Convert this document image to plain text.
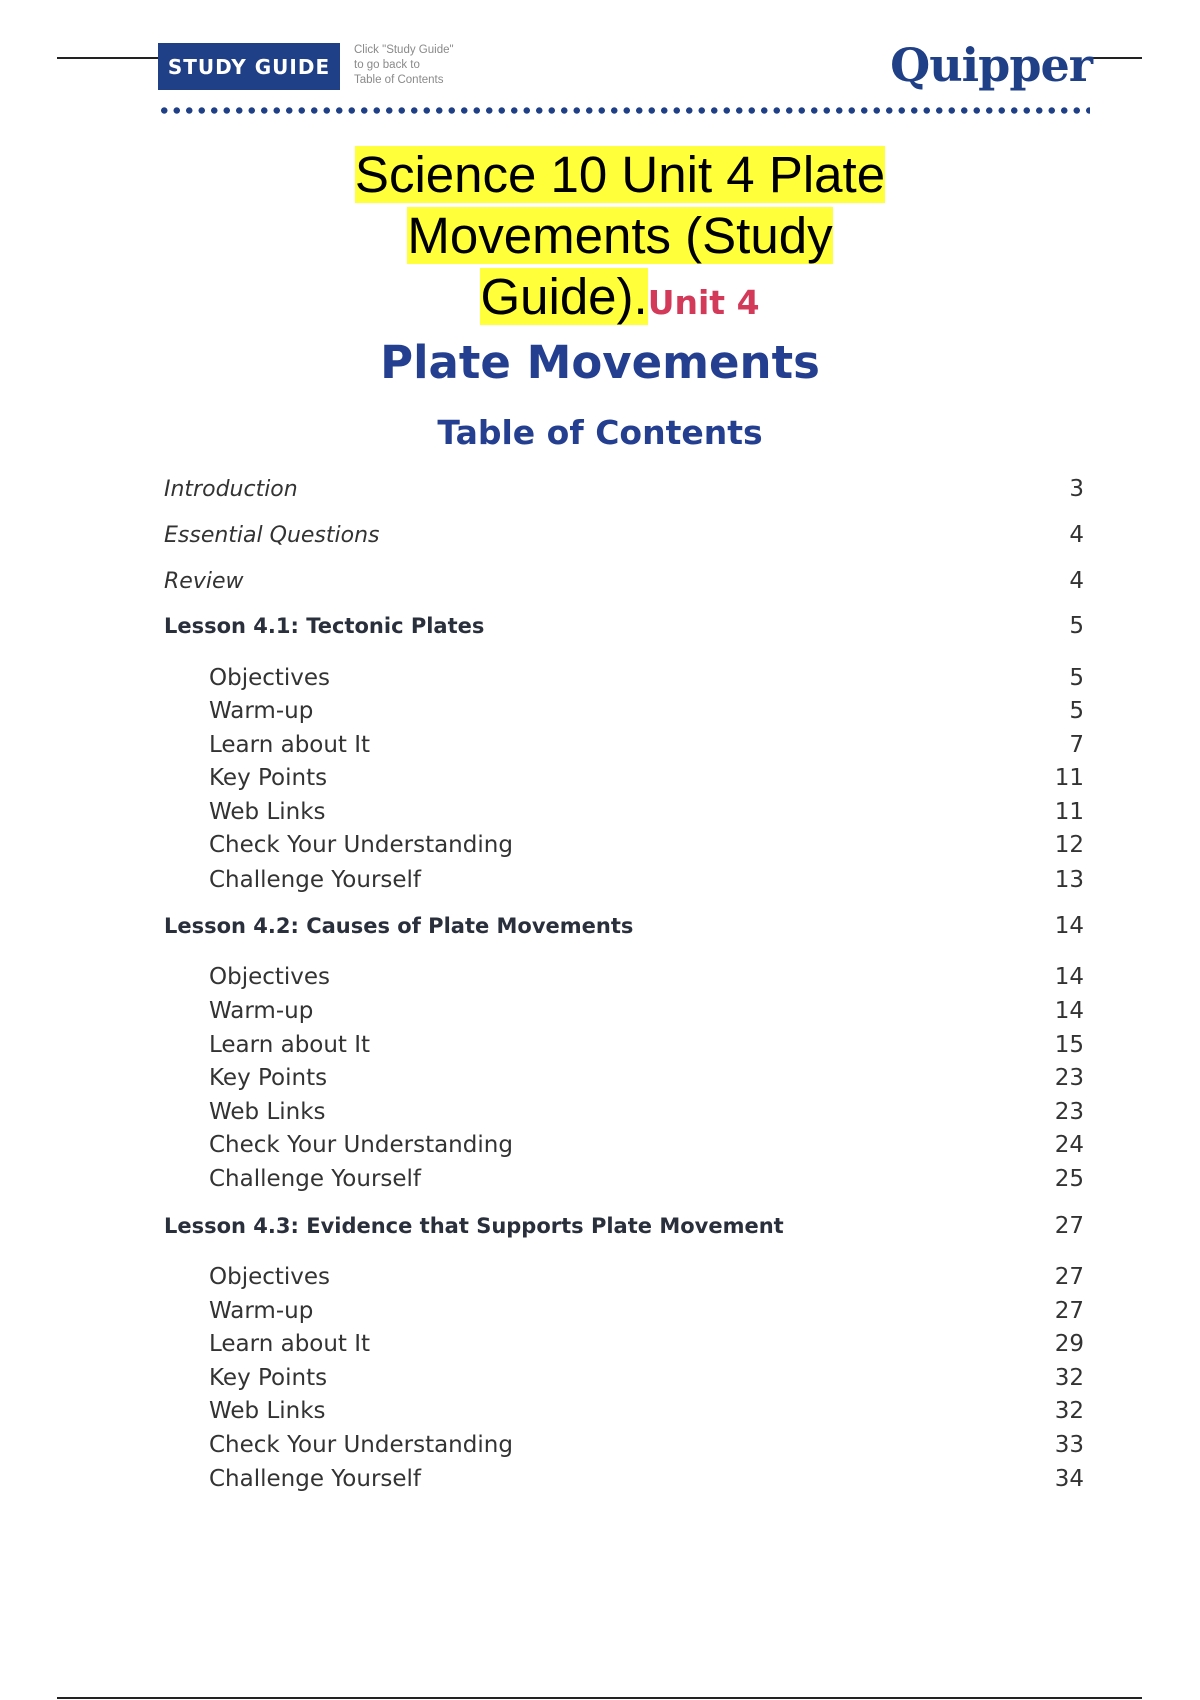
STUDY GUIDE
Click "Study Guide"
to go back to
Table of Contents	Quipper
Science 10 Unit 4 Plate
Movements (Study
Guide).Unit 4
Plate Movements
Table of Contents
Introduction	3
Essential Questions	4
Review	4
Lesson 4.1: Tectonic Plates	5
Objectives	5
Warm-up	5
Learn about It	7
Key Points	11
Web Links	11
Check Your Understanding	12
Challenge Yourself	13
Lesson 4.2: Causes of Plate Movements	14
Objectives	14
Warm-up	14
Learn about It	15
Key Points	23
Web Links	23
Check Your Understanding	24
Challenge Yourself	25
Lesson 4.3: Evidence that Supports Plate Movement	27
Objectives	27
Warm-up	27
Learn about It	29
Key Points	32
Web Links	32
Check Your Understanding	33
Challenge Yourself	34
